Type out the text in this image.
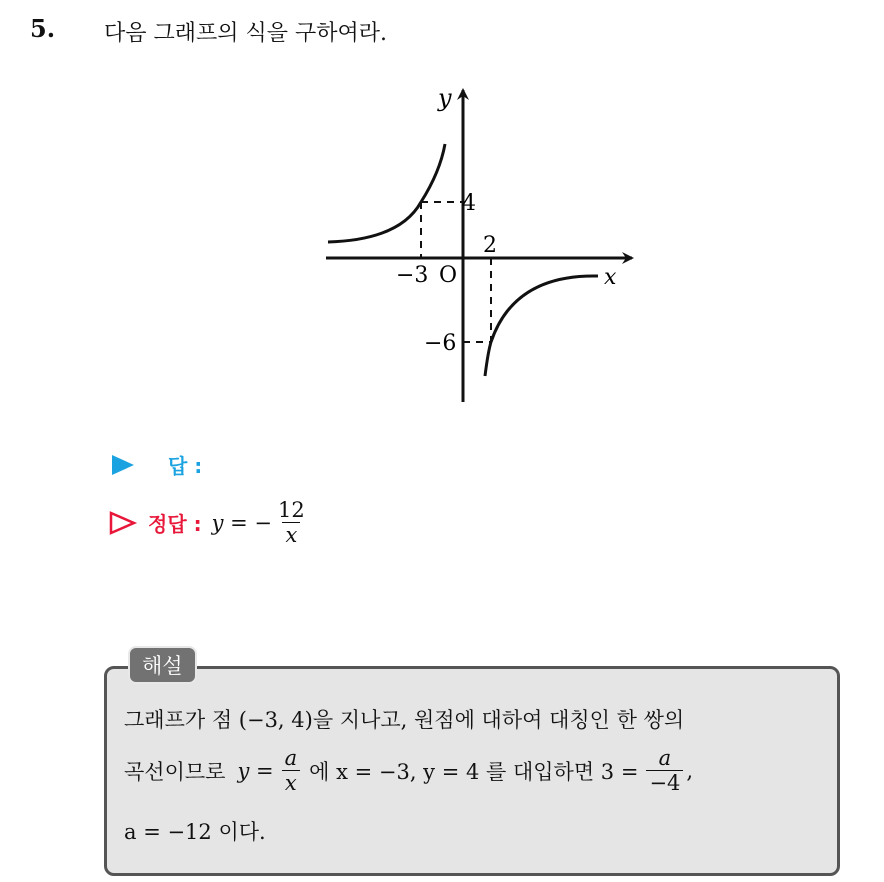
5. 다음 그래프의 식을 구하여라.
y
x
O
−3
2
4
−6
답 :
정답 : y = − $\frac{12}{x}$
해설
그래프가 점 (−3, 4)을 지나고, 원점에 대하여 대칭인 한 쌍의
곡선이므로 $y = \frac{a}{x}$ 에 x = −3, y = 4 를 대입하면 $3 = \frac{a}{-4}$ ,
a = −12 이다.
